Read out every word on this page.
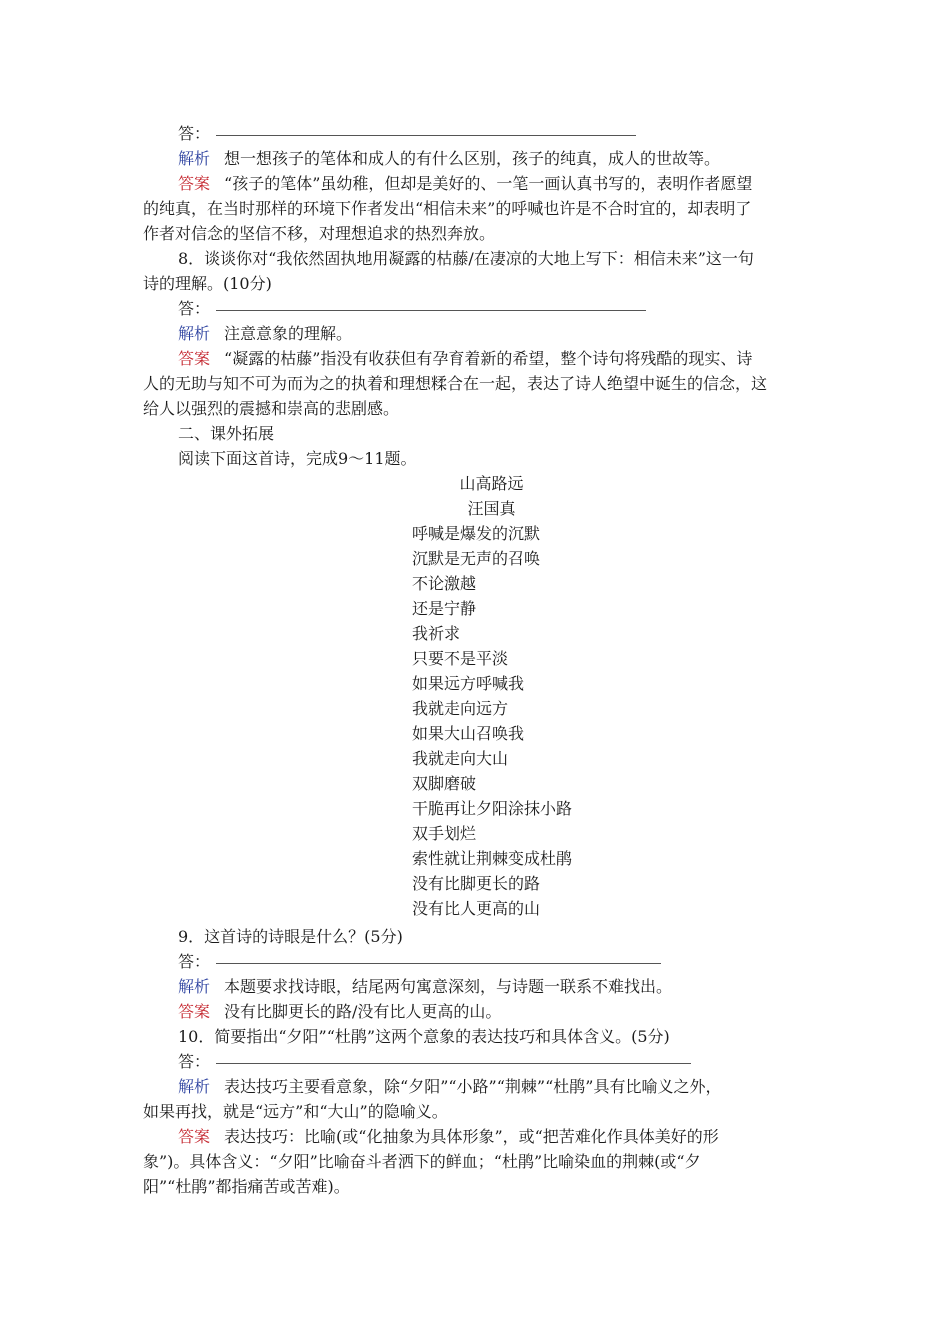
答：
解析 想一想孩子的笔体和成人的有什么区别，孩子的纯真，成人的世故等。
答案 “孩子的笔体”虽幼稚，但却是美好的、一笔一画认真书写的，表明作者愿望
的纯真，在当时那样的环境下作者发出“相信未来”的呼喊也许是不合时宜的，却表明了
作者对信念的坚信不移，对理想追求的热烈奔放。
8．谈谈你对“我依然固执地用凝露的枯藤/在凄凉的大地上写下：相信未来”这一句
诗的理解。(10分)
答：
解析 注意意象的理解。
答案 “凝露的枯藤”指没有收获但有孕育着新的希望，整个诗句将残酷的现实、诗
人的无助与知不可为而为之的执着和理想糅合在一起，表达了诗人绝望中诞生的信念，这
给人以强烈的震撼和崇高的悲剧感。
二、课外拓展
阅读下面这首诗，完成9～11题。
山高路远
汪国真
呼喊是爆发的沉默
沉默是无声的召唤
不论激越
还是宁静
我祈求
只要不是平淡
如果远方呼喊我
我就走向远方
如果大山召唤我
我就走向大山
双脚磨破
干脆再让夕阳涂抹小路
双手划烂
索性就让荆棘变成杜鹃
没有比脚更长的路
没有比人更高的山
9．这首诗的诗眼是什么？(5分)
答：
解析 本题要求找诗眼，结尾两句寓意深刻，与诗题一联系不难找出。
答案 没有比脚更长的路/没有比人更高的山。
10．简要指出“夕阳”“杜鹃”这两个意象的表达技巧和具体含义。(5分)
答：
解析 表达技巧主要看意象，除“夕阳”“小路”“荆棘”“杜鹃”具有比喻义之外，
如果再找，就是“远方”和“大山”的隐喻义。
答案 表达技巧：比喻(或“化抽象为具体形象”，或“把苦难化作具体美好的形
象”)。具体含义：“夕阳”比喻奋斗者洒下的鲜血；“杜鹃”比喻染血的荆棘(或“夕
阳”“杜鹃”都指痛苦或苦难)。
